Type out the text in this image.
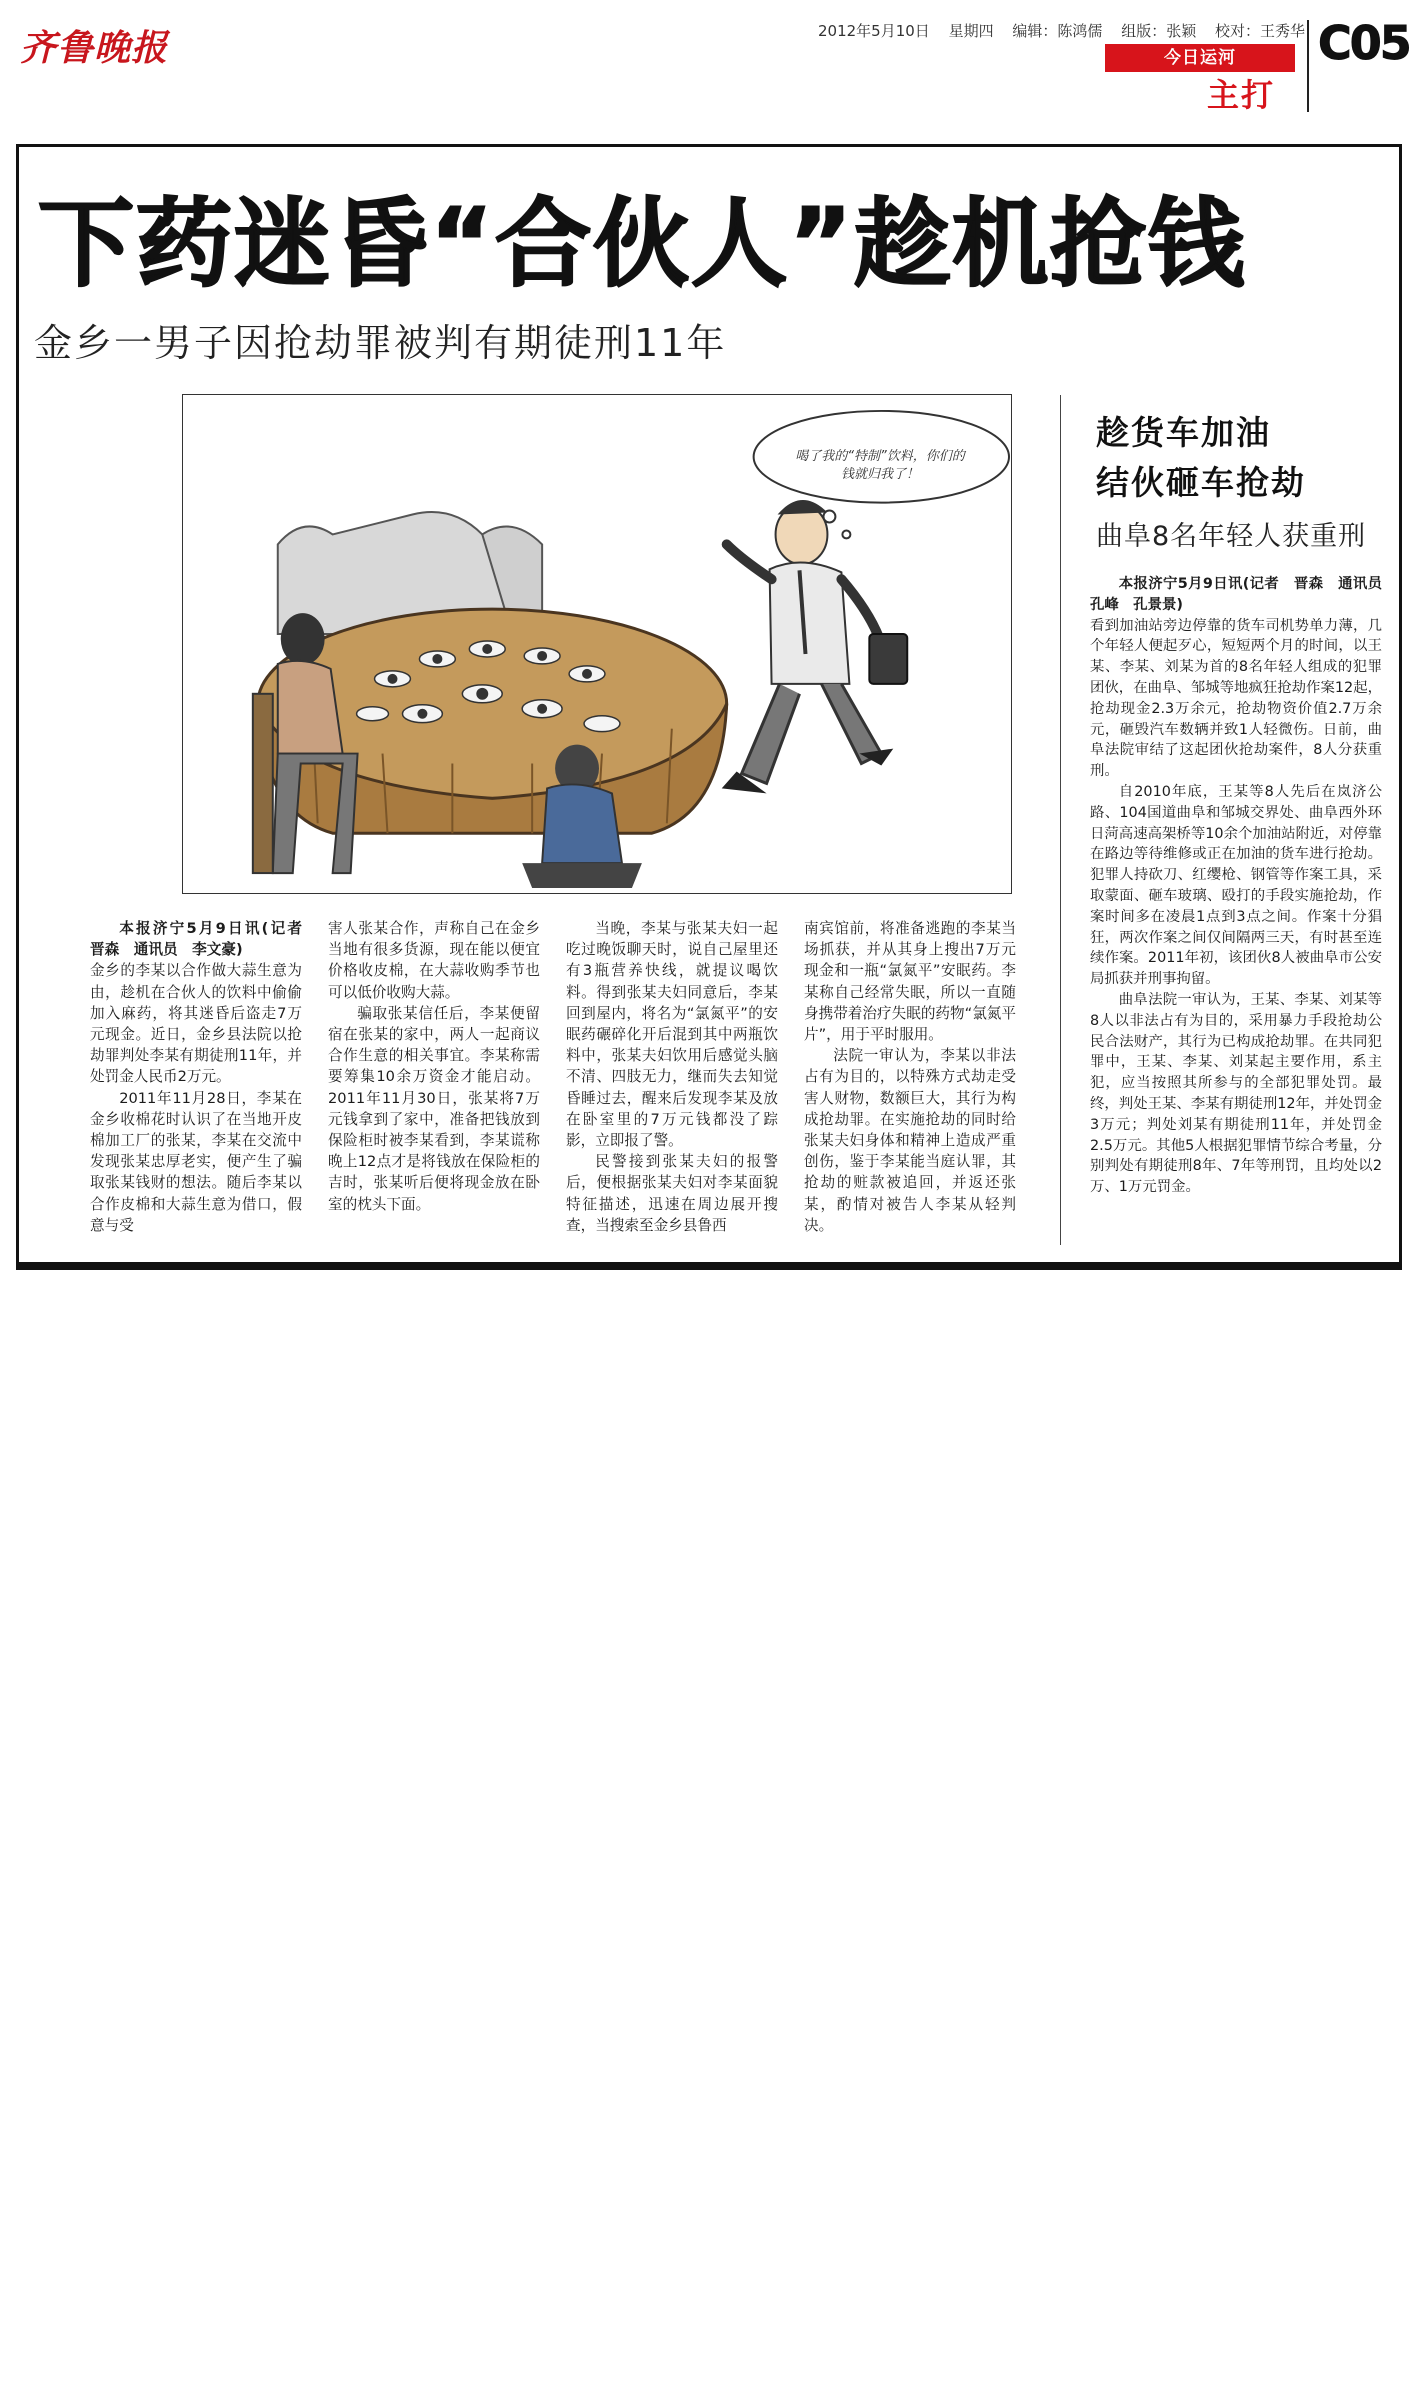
齐鲁晚报	2012年5月10日 星期四 编辑：陈鸿儒 组版：张颖 校对：王秀华
今日运河
主打
C05
下药迷昏“合伙人”趁机抢钱
金乡一男子因抢劫罪被判有期徒刑11年
喝了我的“特制”饮料，你们的钱就归我了！

本报济宁5月9日讯(记者　晋森　通讯员　李文豪)

金乡的李某以合作做大蒜生意为由，趁机在合伙人的饮料中偷偷加入麻药，将其迷昏后盗走7万元现金。近日，金乡县法院以抢劫罪判处李某有期徒刑11年，并处罚金人民币2万元。

2011年11月28日，李某在金乡收棉花时认识了在当地开皮棉加工厂的张某，李某在交流中发现张某忠厚老实，便产生了骗取张某钱财的想法。随后李某以合作皮棉和大蒜生意为借口，假意与受

害人张某合作，声称自己在金乡当地有很多货源，现在能以便宜价格收皮棉，在大蒜收购季节也可以低价收购大蒜。

骗取张某信任后，李某便留宿在张某的家中，两人一起商议合作生意的相关事宜。李某称需要筹集10余万资金才能启动。2011年11月30日，张某将7万元钱拿到了家中，准备把钱放到保险柜时被李某看到，李某谎称晚上12点才是将钱放在保险柜的吉时，张某听后便将现金放在卧室的枕头下面。

当晚，李某与张某夫妇一起吃过晚饭聊天时，说自己屋里还有3瓶营养快线，就提议喝饮料。得到张某夫妇同意后，李某回到屋内，将名为“氯氮平”的安眠药碾碎化开后混到其中两瓶饮料中，张某夫妇饮用后感觉头脑不清、四肢无力，继而失去知觉昏睡过去，醒来后发现李某及放在卧室里的7万元钱都没了踪影，立即报了警。

民警接到张某夫妇的报警后，便根据张某夫妇对李某面貌特征描述，迅速在周边展开搜查，当搜索至金乡县鲁西

南宾馆前，将准备逃跑的李某当场抓获，并从其身上搜出7万元现金和一瓶“氯氮平”安眠药。李某称自己经常失眠，所以一直随身携带着治疗失眠的药物“氯氮平片”，用于平时服用。

法院一审认为，李某以非法占有为目的，以特殊方式劫走受害人财物，数额巨大，其行为构成抢劫罪。在实施抢劫的同时给张某夫妇身体和精神上造成严重创伤，鉴于李某能当庭认罪，其抢劫的赃款被追回，并返还张某，酌情对被告人李某从轻判决。

趁货车加油
结伙砸车抢劫
曲阜8名年轻人获重刑

本报济宁5月9日讯(记者　晋森　通讯员　孔峰　孔景景)

看到加油站旁边停靠的货车司机势单力薄，几个年轻人便起歹心，短短两个月的时间，以王某、李某、刘某为首的8名年轻人组成的犯罪团伙，在曲阜、邹城等地疯狂抢劫作案12起，抢劫现金2.3万余元，抢劫物资价值2.7万余元，砸毁汽车数辆并致1人轻微伤。日前，曲阜法院审结了这起团伙抢劫案件，8人分获重刑。

自2010年底，王某等8人先后在岚济公路、104国道曲阜和邹城交界处、曲阜西外环日菏高速高架桥等10余个加油站附近，对停靠在路边等待维修或正在加油的货车进行抢劫。犯罪人持砍刀、红缨枪、钢管等作案工具，采取蒙面、砸车玻璃、殴打的手段实施抢劫，作案时间多在凌晨1点到3点之间。作案十分猖狂，两次作案之间仅间隔两三天，有时甚至连续作案。2011年初，该团伙8人被曲阜市公安局抓获并刑事拘留。

曲阜法院一审认为，王某、李某、刘某等8人以非法占有为目的，采用暴力手段抢劫公民合法财产，其行为已构成抢劫罪。在共同犯罪中，王某、李某、刘某起主要作用，系主犯，应当按照其所参与的全部犯罪处罚。最终，判处王某、李某有期徒刑12年，并处罚金3万元；判处刘某有期徒刑11年，并处罚金2.5万元。其他5人根据犯罪情节综合考量，分别判处有期徒刑8年、7年等刑罚，且均处以2万、1万元罚金。
